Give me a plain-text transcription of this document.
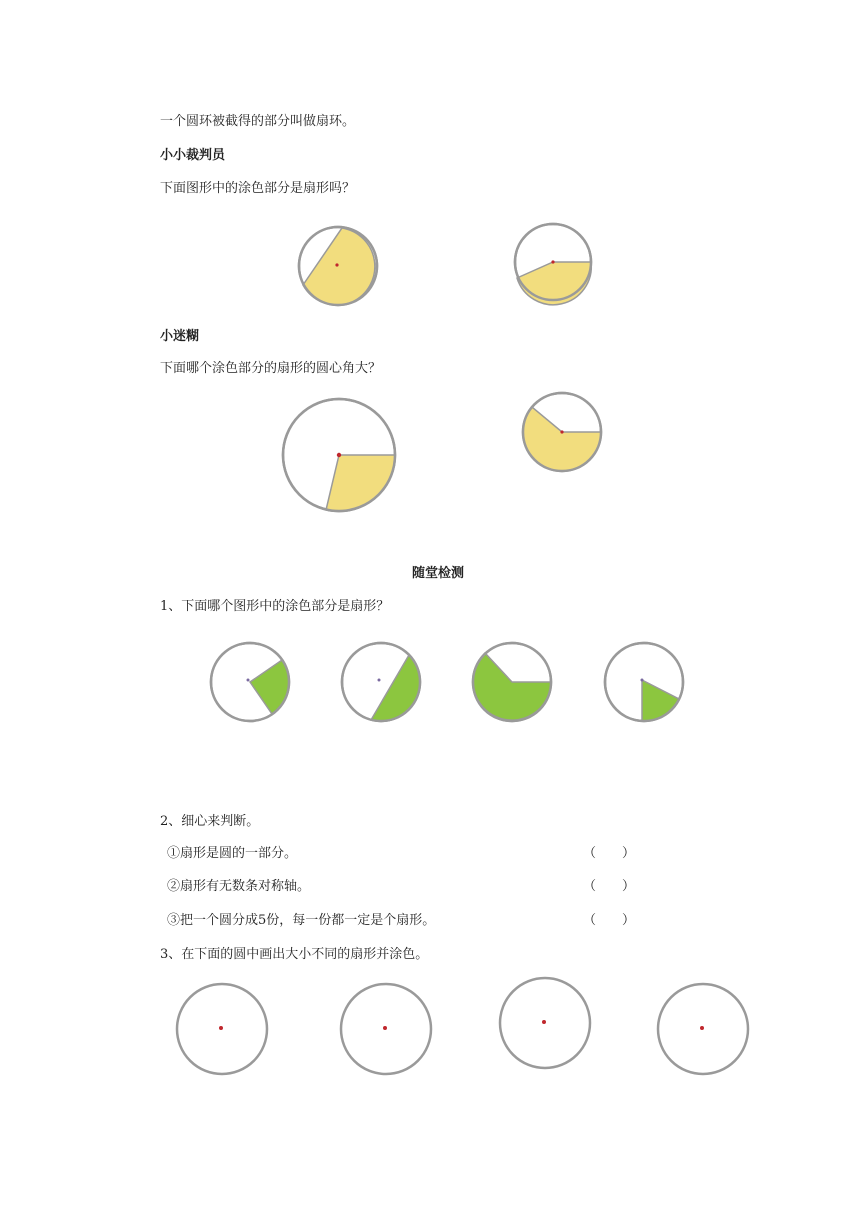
一个圆环被截得的部分叫做扇环。
小小裁判员
下面图形中的涂色部分是扇形吗？
小迷糊
下面哪个涂色部分的扇形的圆心角大？
随堂检测
1、下面哪个图形中的涂色部分是扇形？
2、细心来判断。
①扇形是圆的一部分。	（　　）
②扇形有无数条对称轴。	（　　）
③把一个圆分成5份，每一份都一定是个扇形。	（　　）
3、在下面的圆中画出大小不同的扇形并涂色。
